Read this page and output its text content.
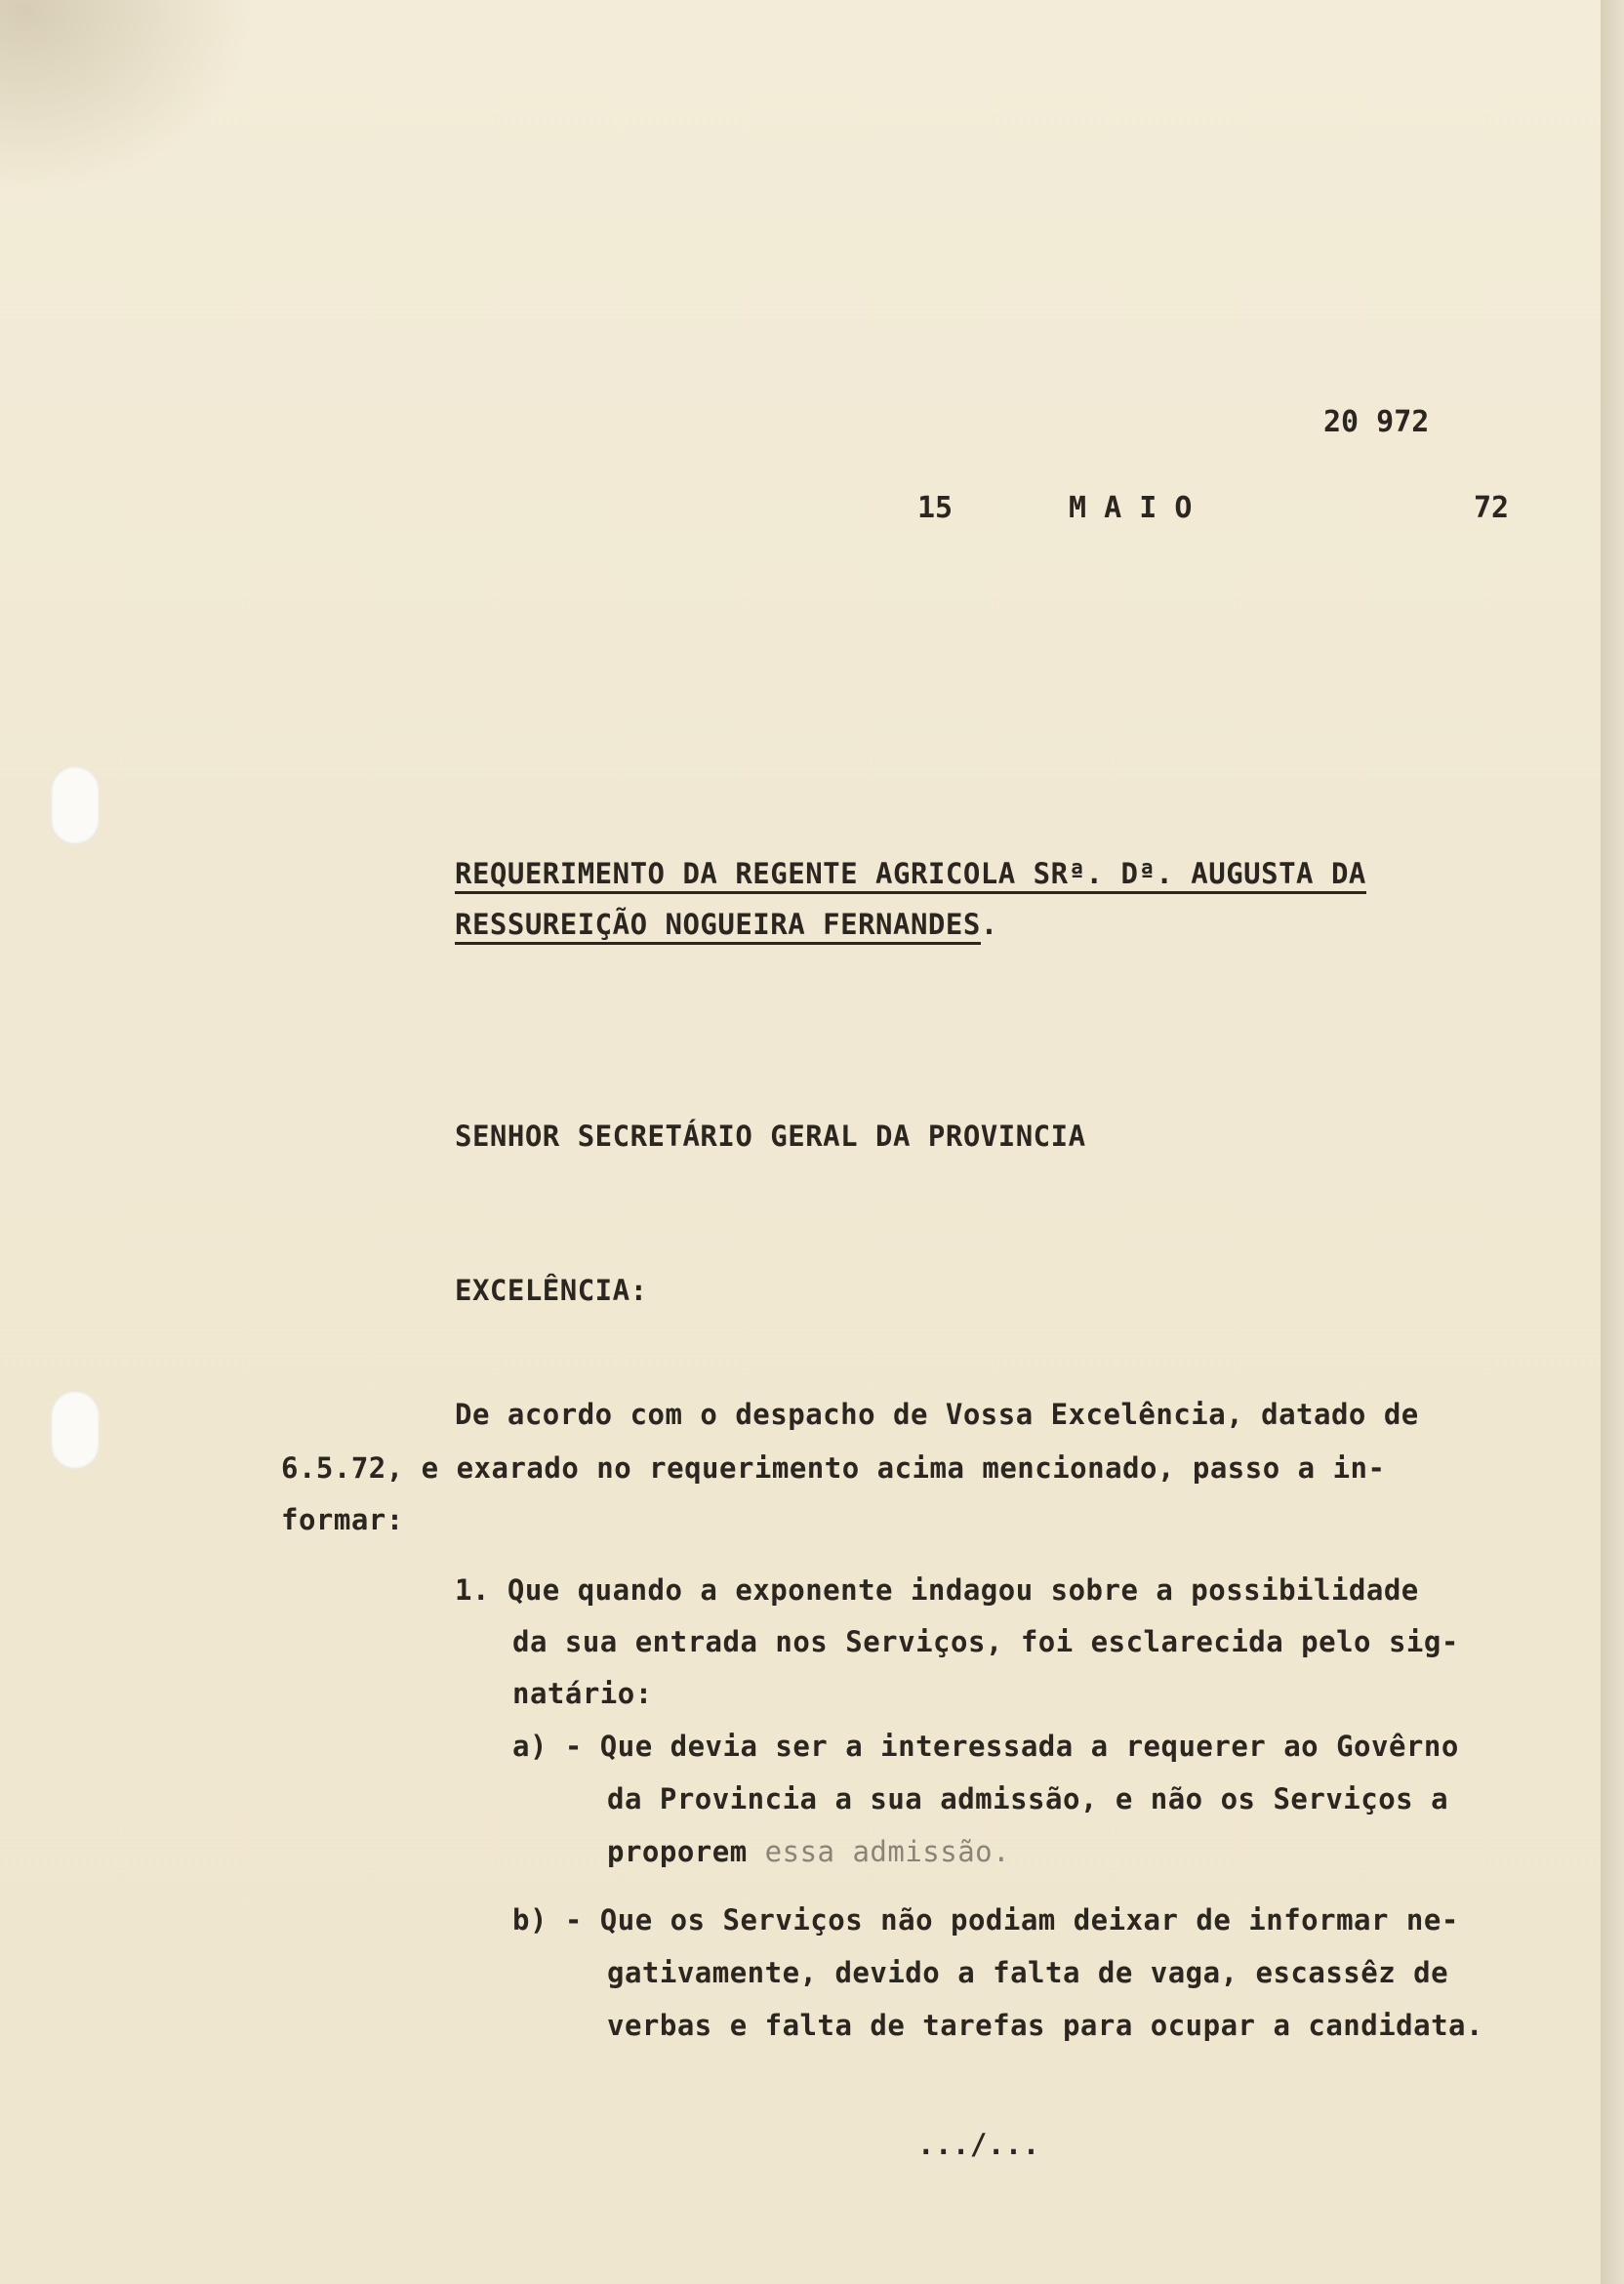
20 972
15	M A I O	72
REQUERIMENTO DA REGENTE AGRICOLA SRª. Dª. AUGUSTA DA
RESSUREIÇÃO NOGUEIRA FERNANDES.
SENHOR SECRETÁRIO GERAL DA PROVINCIA
EXCELÊNCIA:
De acordo com o despacho de Vossa Excelência, datado de
6.5.72, e exarado no requerimento acima mencionado, passo a in-
formar:
1. Que quando a exponente indagou sobre a possibilidade
da sua entrada nos Serviços, foi esclarecida pelo sig-
natário:
a) - Que devia ser a interessada a requerer ao Govêrno
da Provincia a sua admissão, e não os Serviços a
proporem essa admissão.
b) - Que os Serviços não podiam deixar de informar ne-
gativamente, devido a falta de vaga, escassêz de
verbas e falta de tarefas para ocupar a candidata.
.../...
